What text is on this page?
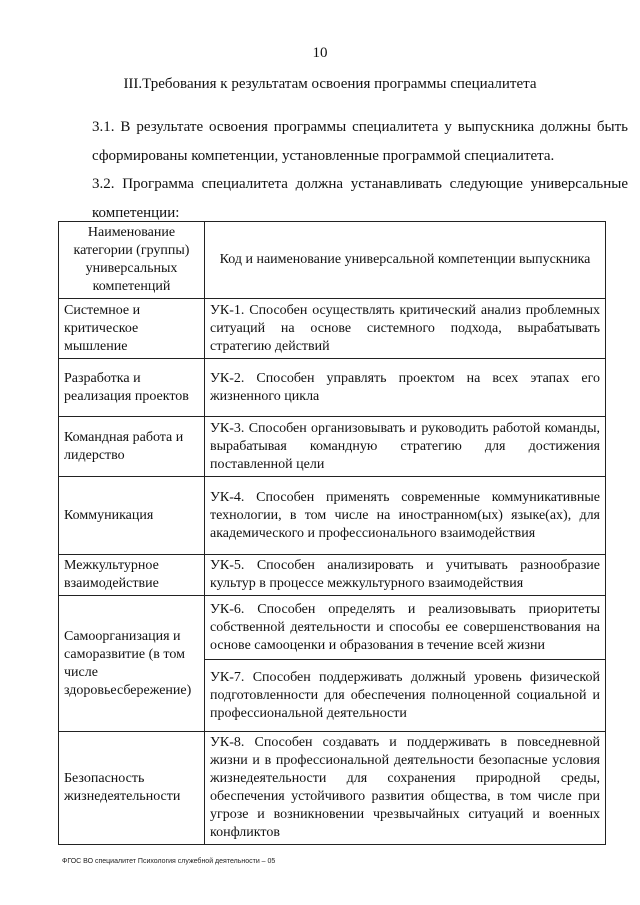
10
III.Требования к результатам освоения программы специалитета
3.1. В результате освоения программы специалитета у выпускника должны быть сформированы компетенции, установленные программой специалитета.
3.2. Программа специалитета должна устанавливать следующие универсальные компетенции:
Наименование категории (группы) универсальных компетенций	Код и наименование универсальной компетенции выпускника
Системное и критическое мышление	УК-1. Способен осуществлять критический анализ проблемных ситуаций на основе системного подхода, вырабатывать стратегию действий
Разработка и реализация проектов	УК-2. Способен управлять проектом на всех этапах его жизненного цикла
Командная работа и лидерство	УК-3. Способен организовывать и руководить работой команды, вырабатывая командную стратегию для достижения поставленной цели
Коммуникация	УК-4. Способен применять современные коммуникативные технологии, в том числе на иностранном(ых) языке(ах), для академического и профессионального взаимодействия
Межкультурное взаимодействие	УК-5. Способен анализировать и учитывать разнообразие культур в процессе межкультурного взаимодействия
Самоорганизация и саморазвитие (в том числе здоровьесбережение)	УК-6. Способен определять и реализовывать приоритеты собственной деятельности и способы ее совершенствования на основе самооценки и образования в течение всей жизни
	УК-7. Способен поддерживать должный уровень физической подготовленности для обеспечения полноценной социальной и профессиональной деятельности
Безопасность жизнедеятельности	УК-8. Способен создавать и поддерживать в повседневной жизни и в профессиональной деятельности безопасные условия жизнедеятельности для сохранения природной среды, обеспечения устойчивого развития общества, в том числе при угрозе и возникновении чрезвычайных ситуаций и военных конфликтов
ФГОС ВО специалитет Психология служебной деятельности – 05
